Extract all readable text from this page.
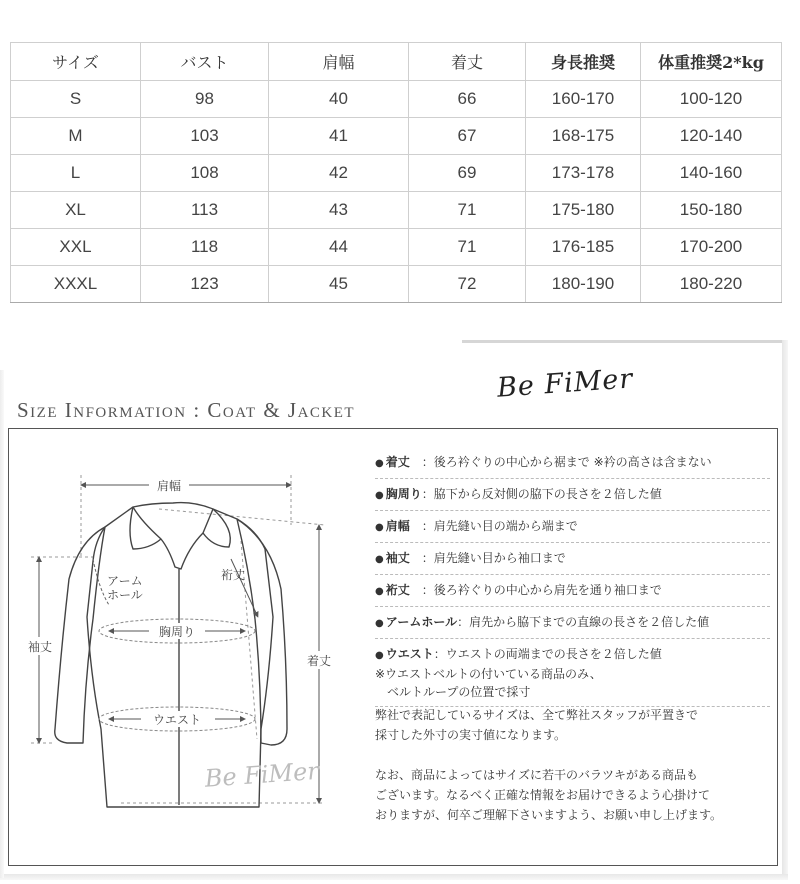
サイズ	バスト	肩幅	着丈	身長推奨	体重推奨2*kg
S	98	40	66	160-170	100-120
M	103	41	67	168-175	120-140
L	108	42	69	173-178	140-160
XL	113	43	71	175-180	150-180
XXL	118	44	71	176-185	170-200
XXXL	123	45	72	180-190	180-220
Be FiMer
Size Information : Coat & Jacket
肩幅
袖丈
着丈
裄丈
アーム
ホール
胸周り
ウエスト
Be FiMer
● 着丈　：後ろ衿ぐりの中心から裾まで ※衿の高さは含まない
● 胸周り：脇下から反対側の脇下の長さを２倍した値
● 肩幅　：肩先縫い目の端から端まで
● 袖丈　：肩先縫い目から袖口まで
● 裄丈　：後ろ衿ぐりの中心から肩先を通り袖口まで
● アームホール：肩先から脇下までの直線の長さを２倍した値
● ウエスト：ウエストの両端までの長さを２倍した値
※ウエストベルトの付いている商品のみ、
　ベルトループの位置で採寸

弊社で表記しているサイズは、全て弊社スタッフが平置きで

採寸した外寸の実寸値になります。

なお、商品によってはサイズに若干のバラツキがある商品も

ございます。なるべく正確な情報をお届けできるよう心掛けて

おりますが、何卒ご理解下さいますよう、お願い申し上げます。
